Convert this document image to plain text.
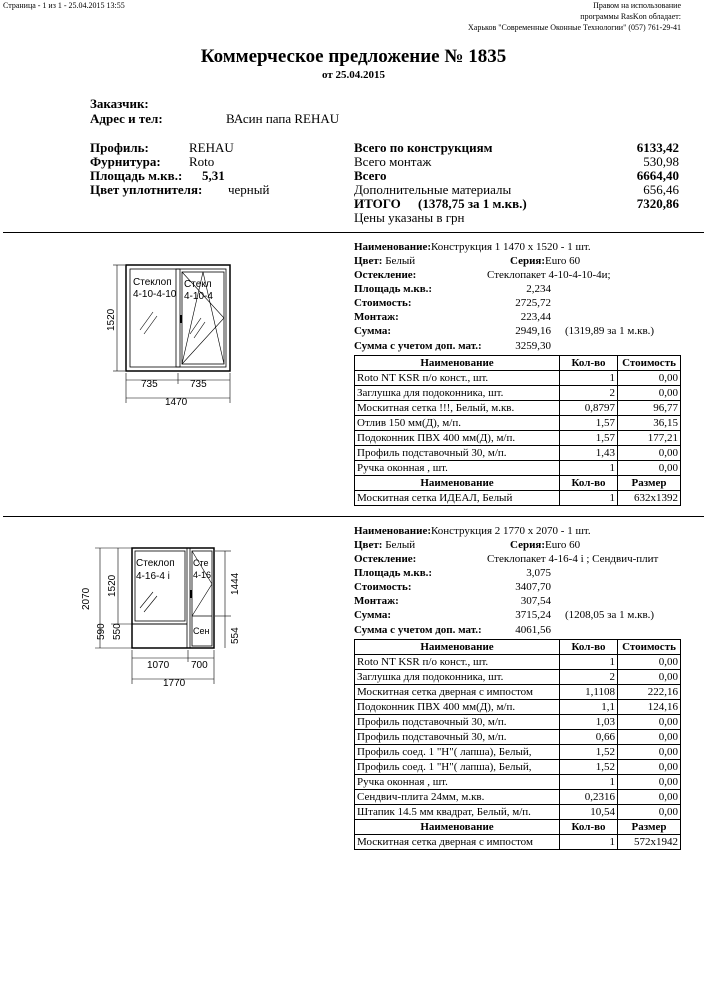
Страница - 1 из 1 - 25.04.2015 13:55	Правом на использование
программы RasKon обладает:
Харьков "Современные Оконные Технологии" (057) 761-29-41
Коммерческое предложение № 1835
от 25.04.2015
Заказчик:
Адрес и тел:	ВАсин папа REHAU
Профиль:	REHAU
Фурнитура: Roto
Площадь м.кв.: 5,31
Цвет уплотнителя: черный
Всего по конструкциям	6133,42
Всего монтаж	530,98
Всего	6664,40
Дополнительные материалы	656,46
ИТОГО (1378,75 за 1 м.кв.)	7320,86
Цены указаны в грн
Стеклоп
4-10-4-10
Стекл
4-10-4
1520
735	735
1470
Наименование:Конструкция 1 1470 х 1520 - 1 шт.
Цвет: Белый	Серия:Euro 60
Остекление:	Стеклопакет 4-10-4-10-4и;
Площадь м.кв.:	2,234
Стоимость:	2725,72
Монтаж:	223,44
Сумма:	2949,16 (1319,89 за 1 м.кв.)
Сумма с учетом доп. мат.:	3259,30
Наименование	Кол-во	Стоимость
Roto NT KSR п/о конст., шт.	1	0,00
Заглушка для подоконника, шт.	2	0,00
Москитная сетка !!!, Белый, м.кв.	0,8797	96,77
Отлив 150 мм(Д), м/п.	1,57	36,15
Подоконник ПВХ 400 мм(Д), м/п.	1,57	177,21
Профиль подставочный 30, м/п.	1,43	0,00
Ручка оконная , шт.	1	0,00
Наименование	Кол-во	Размер
Москитная сетка ИДЕАЛ, Белый	1	632x1392
Стеклоп
4-16-4 i
Сте
4-16
Сен
2070
1520
590 550
1444
554
1070 700
1770
Наименование:Конструкция 2 1770 х 2070 - 1 шт.
Цвет: Белый	Серия:Euro 60
Остекление:	Стеклопакет 4-16-4 i ; Сендвич-плит
Площадь м.кв.:	3,075
Стоимость:	3407,70
Монтаж:	307,54
Сумма:	3715,24 (1208,05 за 1 м.кв.)
Сумма с учетом доп. мат.:	4061,56
Наименование	Кол-во	Стоимость
Roto NT KSR п/о конст., шт.	1	0,00
Заглушка для подоконника, шт.	2	0,00
Москитная сетка дверная с импостом	1,1108	222,16
Подоконник ПВХ 400 мм(Д), м/п.	1,1	124,16
Профиль подставочный 30, м/п.	1,03	0,00
Профиль подставочный 30, м/п.	0,66	0,00
Профиль соед. 1 "Н"( лапша), Белый,	1,52	0,00
Профиль соед. 1 "Н"( лапша), Белый,	1,52	0,00
Ручка оконная , шт.	1	0,00
Сендвич-плита 24мм, м.кв.	0,2316	0,00
Штапик 14.5 мм квадрат, Белый, м/п.	10,54	0,00
Наименование	Кол-во	Размер
Москитная сетка дверная с импостом	1	572x1942
